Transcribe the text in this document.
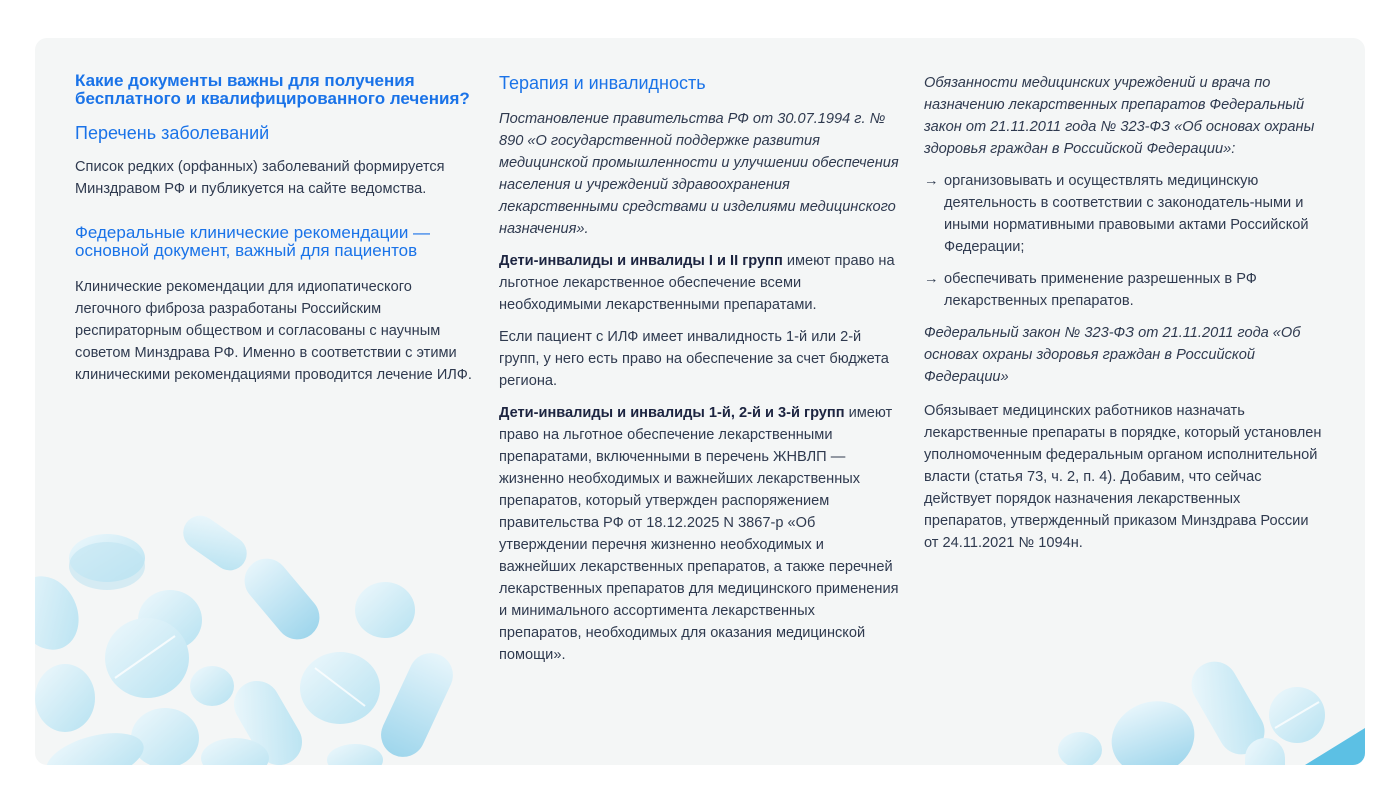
Какие документы важны для получения бесплатного и квалифицированного лечения?
Перечень заболеваний

Список редких (орфанных) заболеваний формируется Минздравом РФ и публикуется на сайте ведомства.

Федеральные клинические рекомендации — основной документ, важный для пациентов

Клинические рекомендации для идиопатического легочного фиброза разработаны Российским респираторным обществом и согласованы с научным советом Минздрава РФ. Именно в соответствии с этими клиническими рекомендациями проводится лечение ИЛФ.

Терапия и инвалидность

Постановление правительства РФ от 30.07.1994 г. № 890 «О государственной поддержке развития медицинской промышленности и улучшении обеспечения населения и учреждений здравоохранения лекарственными средствами и изделиями медицинского назначения».

Дети-инвалиды и инвалиды I и II групп имеют право на льготное лекарственное обеспечение всеми необходимыми лекарственными препаратами.

Если пациент с ИЛФ имеет инвалидность 1-й или 2-й групп, у него есть право на обеспечение за счет бюджета региона.

Дети-инвалиды и инвалиды 1-й, 2-й и 3-й групп имеют право на льготное обеспечение лекарственными препаратами, включенными в перечень ЖНВЛП — жизненно необходимых и важнейших лекарственных препаратов, который утвержден распоряжением правительства РФ от 18.12.2025 N 3867-р «Об утверждении перечня жизненно необходимых и важнейших лекарственных препаратов, а также перечней лекарственных препаратов для медицинского применения и минимального ассортимента лекарственных препаратов, необходимых для оказания медицинской помощи».

Обязанности медицинских учреждений и врача по назначению лекарственных препаратов Федеральный закон от 21.11.2011 года № 323-ФЗ «Об основах охраны здоровья граждан в Российской Федерации»:

→ организовывать и осуществлять медицинскую деятельность в соответствии с законодатель-ными и иными нормативными правовыми актами Российской Федерации;
→ обеспечивать применение разрешенных в РФ лекарственных препаратов.

Федеральный закон № 323-ФЗ от 21.11.2011 года «Об основах охраны здоровья граждан в Российской Федерации»

Обязывает медицинских работников назначать лекарственные препараты в порядке, который установлен уполномоченным федеральным органом исполнительной власти (статья 73, ч. 2, п. 4). Добавим, что сейчас действует порядок назначения лекарственных препаратов, утвержденный приказом Минздрава России от 24.11.2021 № 1094н.
